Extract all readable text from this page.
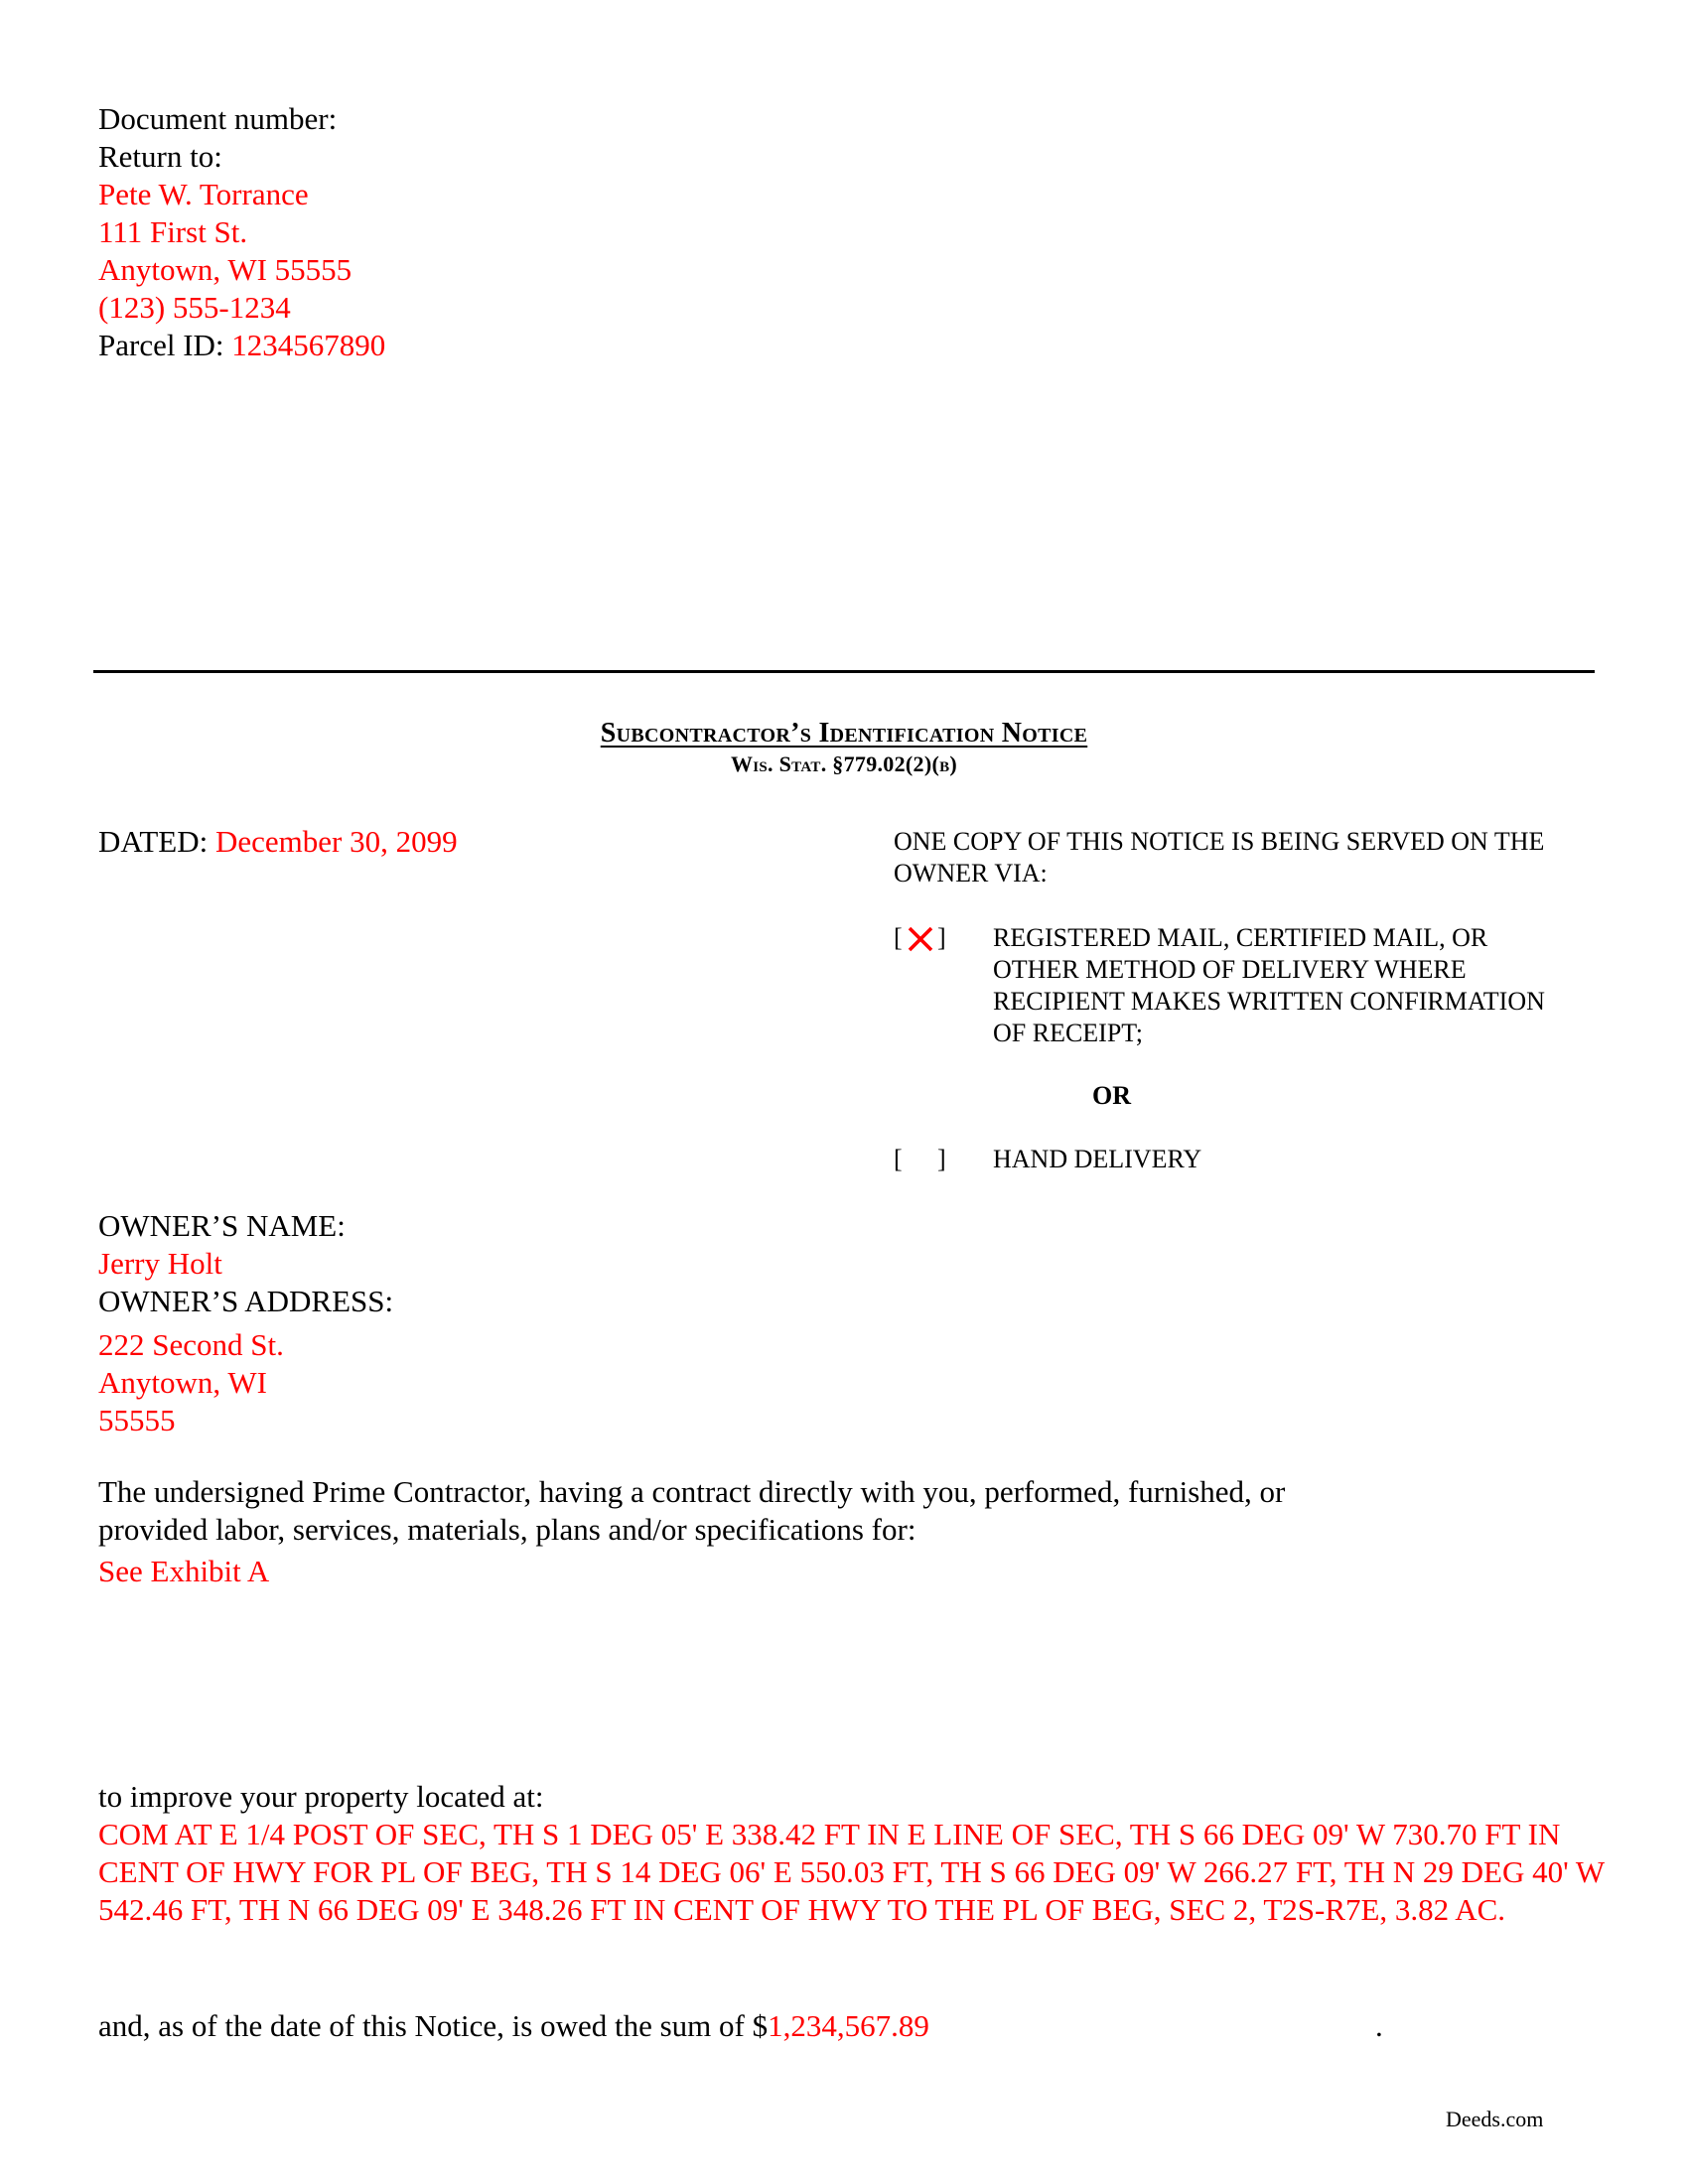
Document number:
Return to:
Pete W. Torrance
111 First St.
Anytown, WI 55555
(123) 555-1234
Parcel ID: 1234567890
Subcontractor’s Identification Notice
Wis. Stat. §779.02(2)(b)
DATED: December 30, 2099	ONE COPY OF THIS NOTICE IS BEING SERVED ON THE
OWNER VIA:
[ ] REGISTERED MAIL, CERTIFIED MAIL, OR
OTHER METHOD OF DELIVERY WHERE
RECIPIENT MAKES WRITTEN CONFIRMATION
OF RECEIPT;
OR
[ ] HAND DELIVERY
OWNER’S NAME:
Jerry Holt
OWNER’S ADDRESS:
222 Second St.
Anytown, WI
55555
The undersigned Prime Contractor, having a contract directly with you, performed, furnished, or
provided labor, services, materials, plans and/or specifications for:
See Exhibit A
to improve your property located at:
COM AT E 1/4 POST OF SEC, TH S 1 DEG 05' E 338.42 FT IN E LINE OF SEC, TH S 66 DEG 09' W 730.70 FT IN CENT OF HWY FOR PL OF BEG, TH S 14 DEG 06' E 550.03 FT, TH S 66 DEG 09' W 266.27 FT, TH N 29 DEG 40' W 542.46 FT, TH N 66 DEG 09' E 348.26 FT IN CENT OF HWY TO THE PL OF BEG, SEC 2, T2S-R7E, 3.82 AC.
and, as of the date of this Notice, is owed the sum of $1,234,567.89	.
Deeds.com
